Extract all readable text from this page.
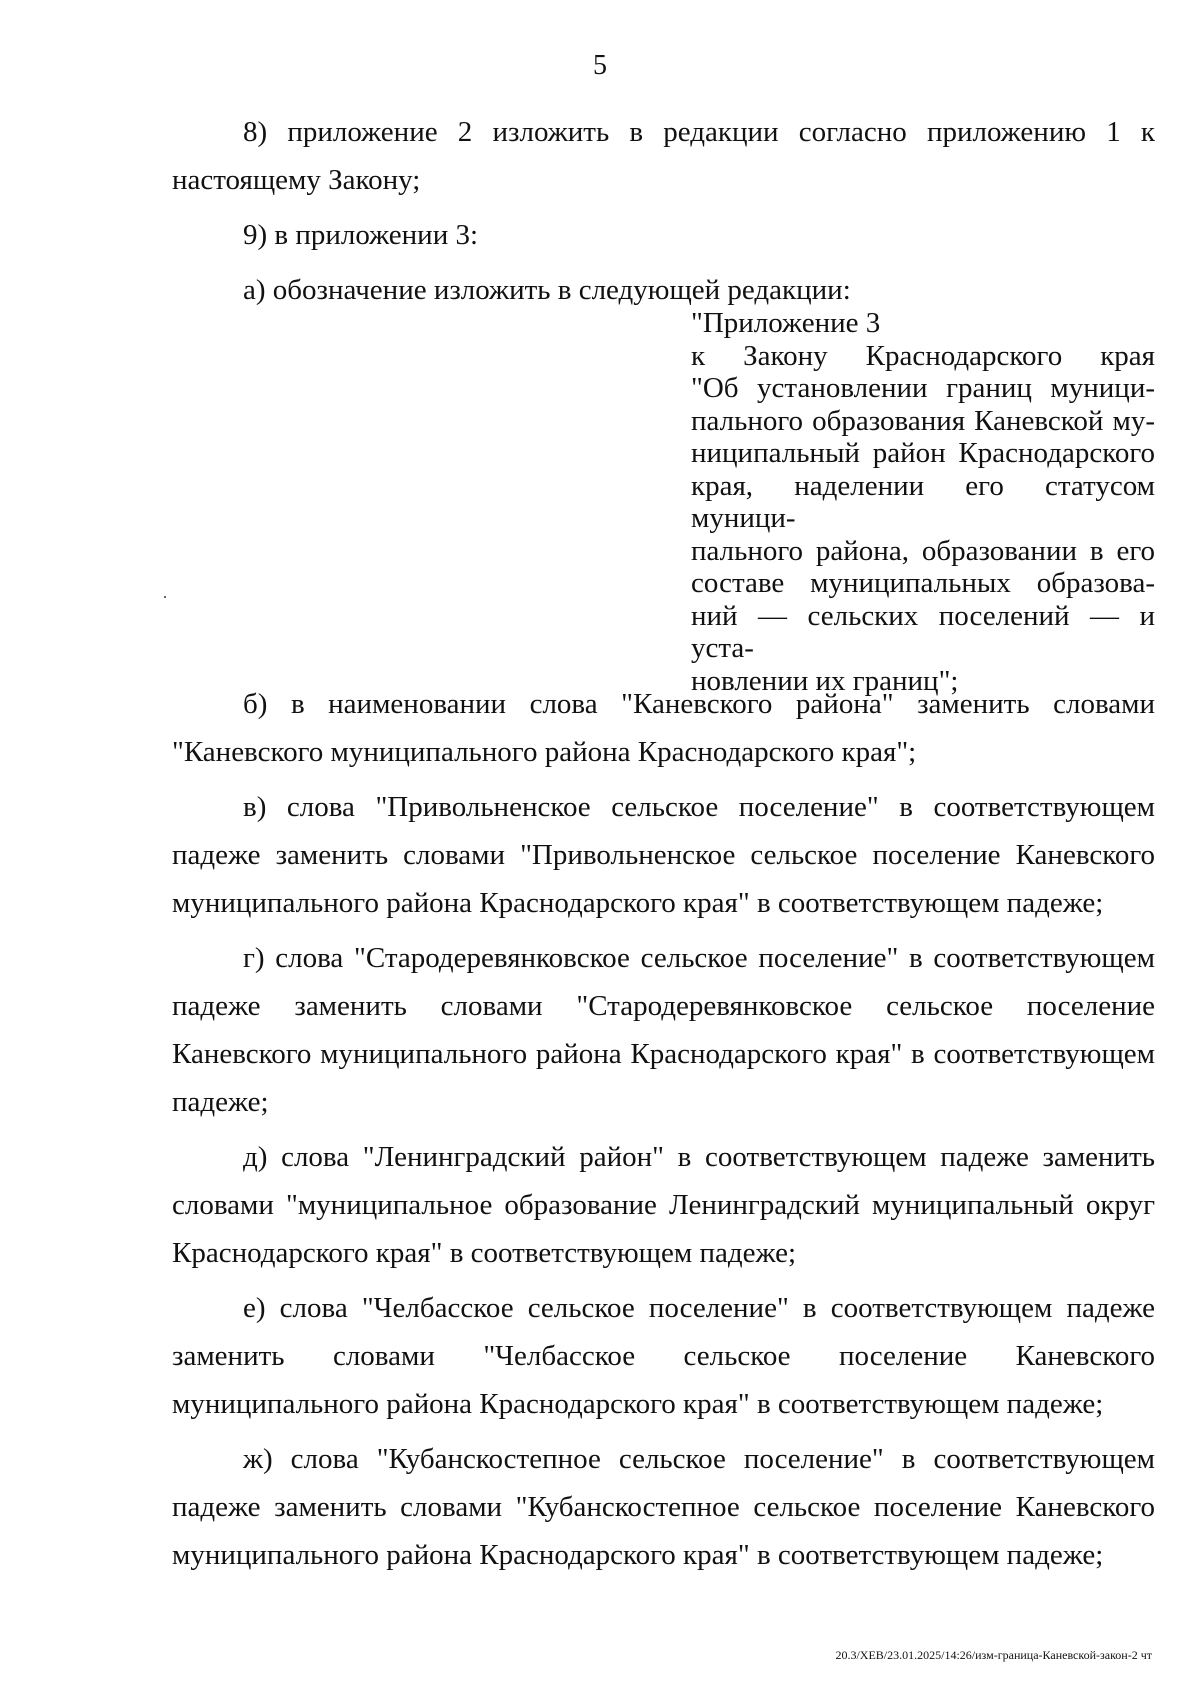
5

8) приложение 2 изложить в редакции согласно приложению 1 к настоящему Закону;

9) в приложении 3:

а) обозначение изложить в следующей редакции:

"Приложение 3
к Закону Краснодарского края
"Об установлении границ муници-
пального образования Каневской му-
ниципальный район Краснодарского
края, наделении его статусом муници-
пального района, образовании в его
составе муниципальных образова-
ний — сельских поселений — и уста-
новлении их границ";

б) в наименовании слова "Каневского района" заменить словами "Каневского муниципального района Краснодарского края";

в) слова "Привольненское сельское поселение" в соответствующем падеже заменить словами "Привольненское сельское поселение Каневского муниципального района Краснодарского края" в соответствующем падеже;

г) слова "Стародеревянковское сельское поселение" в соответствующем падеже заменить словами "Стародеревянковское сельское поселение Каневского муниципального района Краснодарского края" в соответствующем падеже;

д) слова "Ленинградский район" в соответствующем падеже заменить словами "муниципальное образование Ленинградский муниципальный округ Краснодарского края" в соответствующем падеже;

е) слова "Челбасское сельское поселение" в соответствующем падеже заменить словами "Челбасское сельское поселение Каневского муниципального района Краснодарского края" в соответствующем падеже;

ж) слова "Кубанскостепное сельское поселение" в соответствующем падеже заменить словами "Кубанскостепное сельское поселение Каневского муниципального района Краснодарского края" в соответствующем падеже;

20.3/ХЕВ/23.01.2025/14:26/изм-граница-Каневской-закон-2 чт
